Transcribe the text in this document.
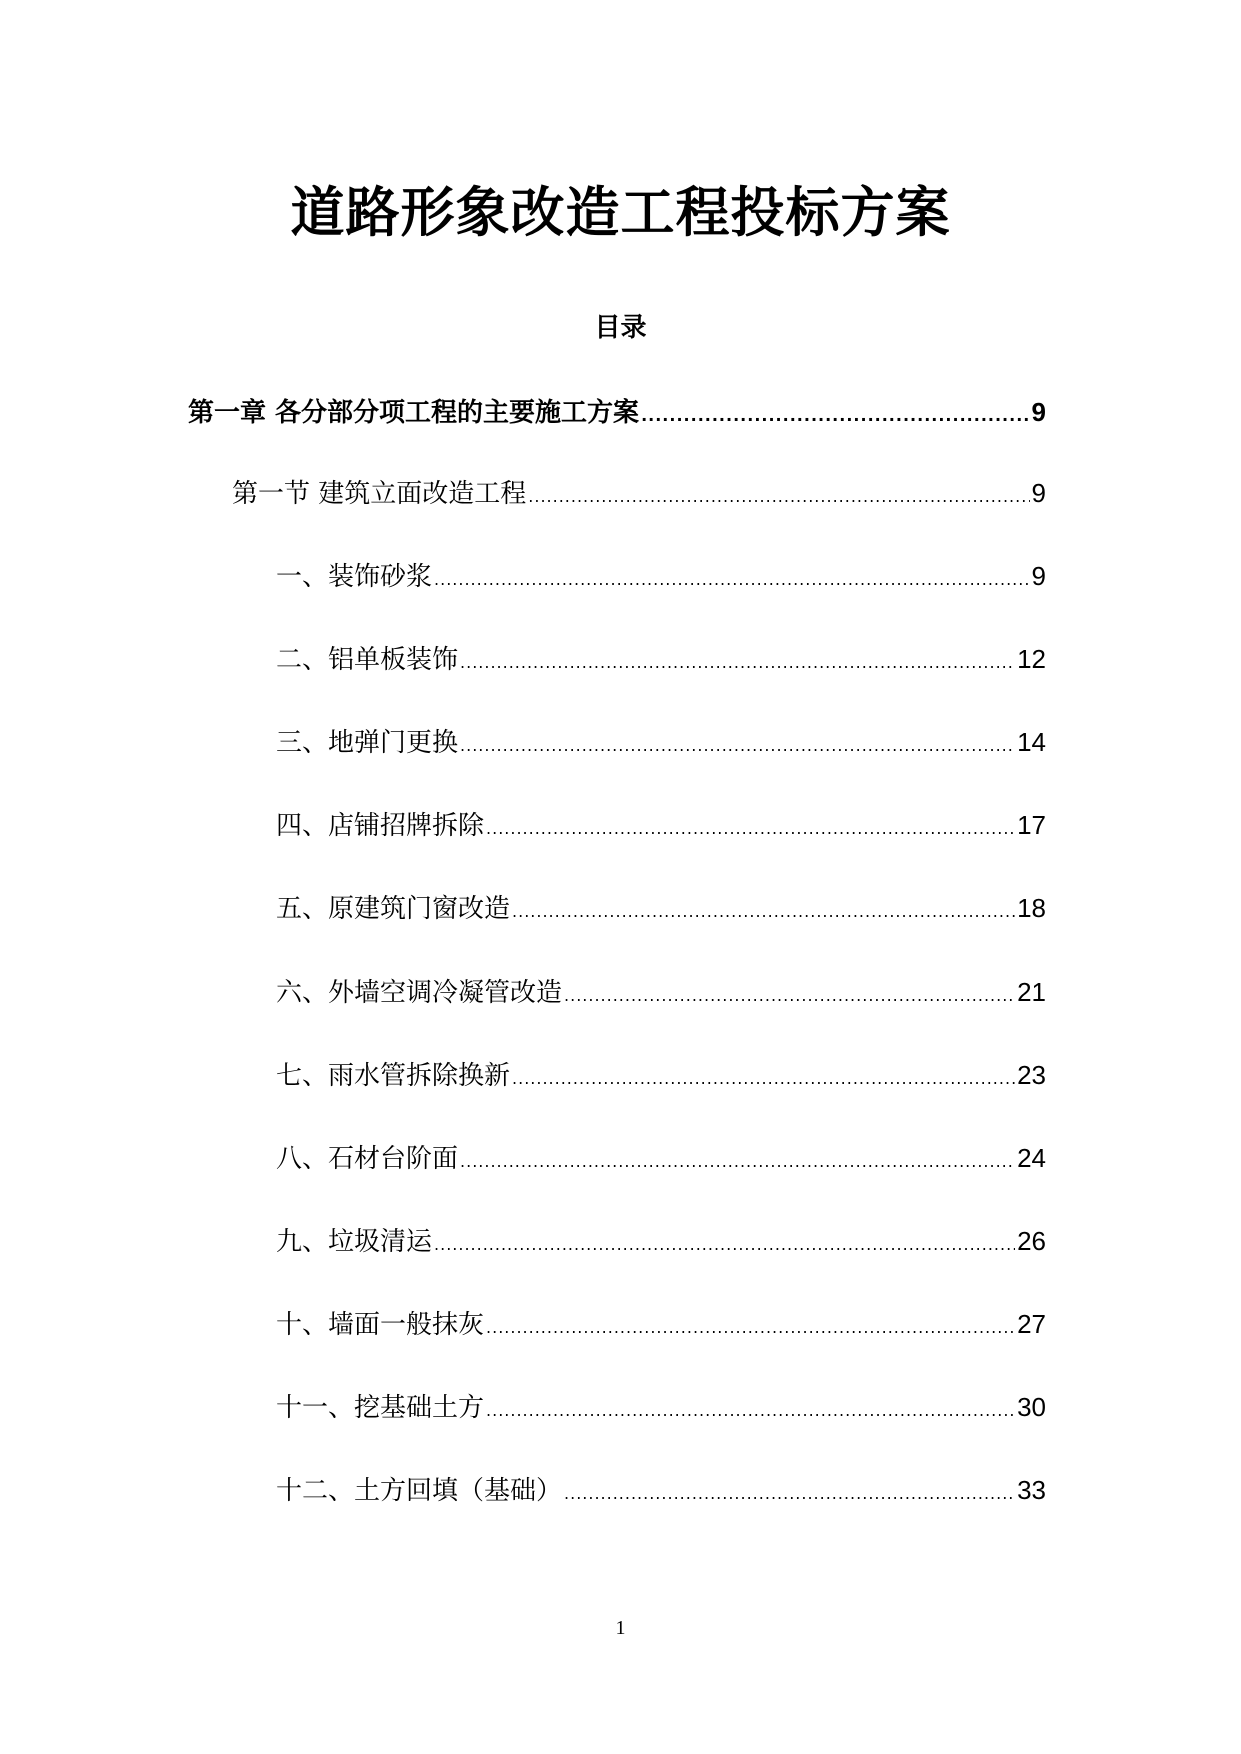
道路形象改造工程投标方案
目录
第一章 各分部分项工程的主要施工方案 .....	9
第一节 建筑立面改造工程 .....	9
一、装饰砂浆 .....	9
二、铝单板装饰 .....	12
三、地弹门更换 .....	14
四、店铺招牌拆除 .....	17
五、原建筑门窗改造 .....	18
六、外墙空调冷凝管改造 .....	21
七、雨水管拆除换新 .....	23
八、石材台阶面 .....	24
九、垃圾清运 .....	26
十、墙面一般抹灰 .....	27
十一、挖基础土方 .....	30
十二、土方回填（基础） .....	33
1
